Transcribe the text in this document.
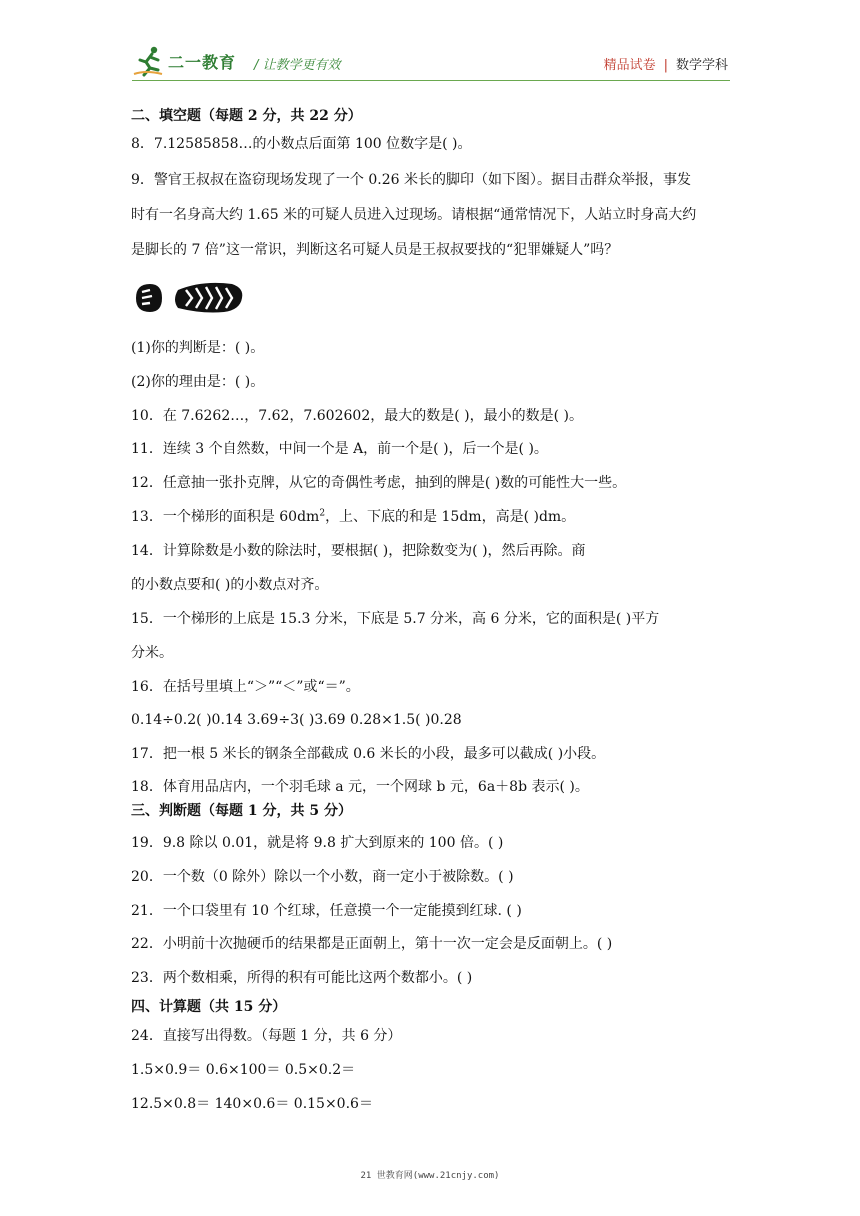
二一教育 / 让教学更有效	精品试卷 | 数学学科
二、填空题（每题 2 分，共 22 分）
8．7.12585858…的小数点后面第 100 位数字是( )。
9．警官王叔叔在盗窃现场发现了一个 0.26 米长的脚印（如下图）。据目击群众举报，事发
时有一名身高大约 1.65 米的可疑人员进入过现场。请根据“通常情况下，人站立时身高大约
是脚长的 7 倍”这一常识，判断这名可疑人员是王叔叔要找的“犯罪嫌疑人”吗？
(1)你的判断是：( )。
(2)你的理由是：( )。
10．在 7.6262…，7.62，7.602602，最大的数是( )，最小的数是( )。
11．连续 3 个自然数，中间一个是 A，前一个是( )，后一个是( )。
12．任意抽一张扑克牌，从它的奇偶性考虑，抽到的牌是( )数的可能性大一些。
13．一个梯形的面积是 $60dm^2$，上、下底的和是 15dm，高是( )dm。
14．计算除数是小数的除法时，要根据( )，把除数变为( )，然后再除。商
的小数点要和( )的小数点对齐。
15．一个梯形的上底是 15.3 分米，下底是 5.7 分米，高 6 分米，它的面积是( )平方
分米。
16．在括号里填上“＞”“＜”或“＝”。
0.14÷0.2( )0.14 3.69÷3( )3.69 0.28×1.5( )0.28
17．把一根 5 米长的钢条全部截成 0.6 米长的小段，最多可以截成( )小段。
18．体育用品店内，一个羽毛球 a 元，一个网球 b 元，6a＋8b 表示( )。
三、判断题（每题 1 分，共 5 分）
19．9.8 除以 0.01，就是将 9.8 扩大到原来的 100 倍。( )
20．一个数（0 除外）除以一个小数，商一定小于被除数。( )
21．一个口袋里有 10 个红球，任意摸一个一定能摸到红球. ( )
22．小明前十次抛硬币的结果都是正面朝上，第十一次一定会是反面朝上。( )
23．两个数相乘，所得的积有可能比这两个数都小。( )
四、计算题（共 15 分）
24．直接写出得数。（每题 1 分，共 6 分）
1.5×0.9＝ 0.6×100＝ 0.5×0.2＝
12.5×0.8＝ 140×0.6＝ 0.15×0.6＝
21 世教育网(www.21cnjy.com)
